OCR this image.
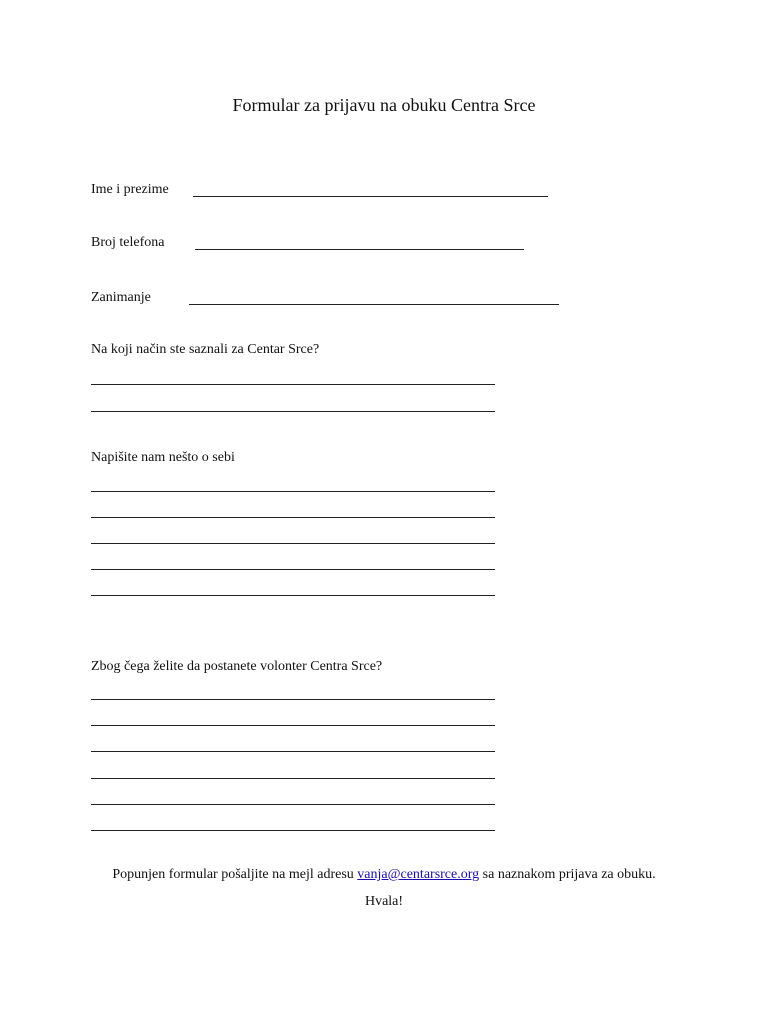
Formular za prijavu na obuku Centra Srce
Ime i prezime
Broj telefona
Zanimanje
Na koji način ste saznali za Centar Srce?
Napišite nam nešto o sebi
Zbog čega želite da postanete volonter Centra Srce?
Popunjen formular pošaljite na mejl adresu vanja@centarsrce.org sa naznakom prijava za obuku.
Hvala!
